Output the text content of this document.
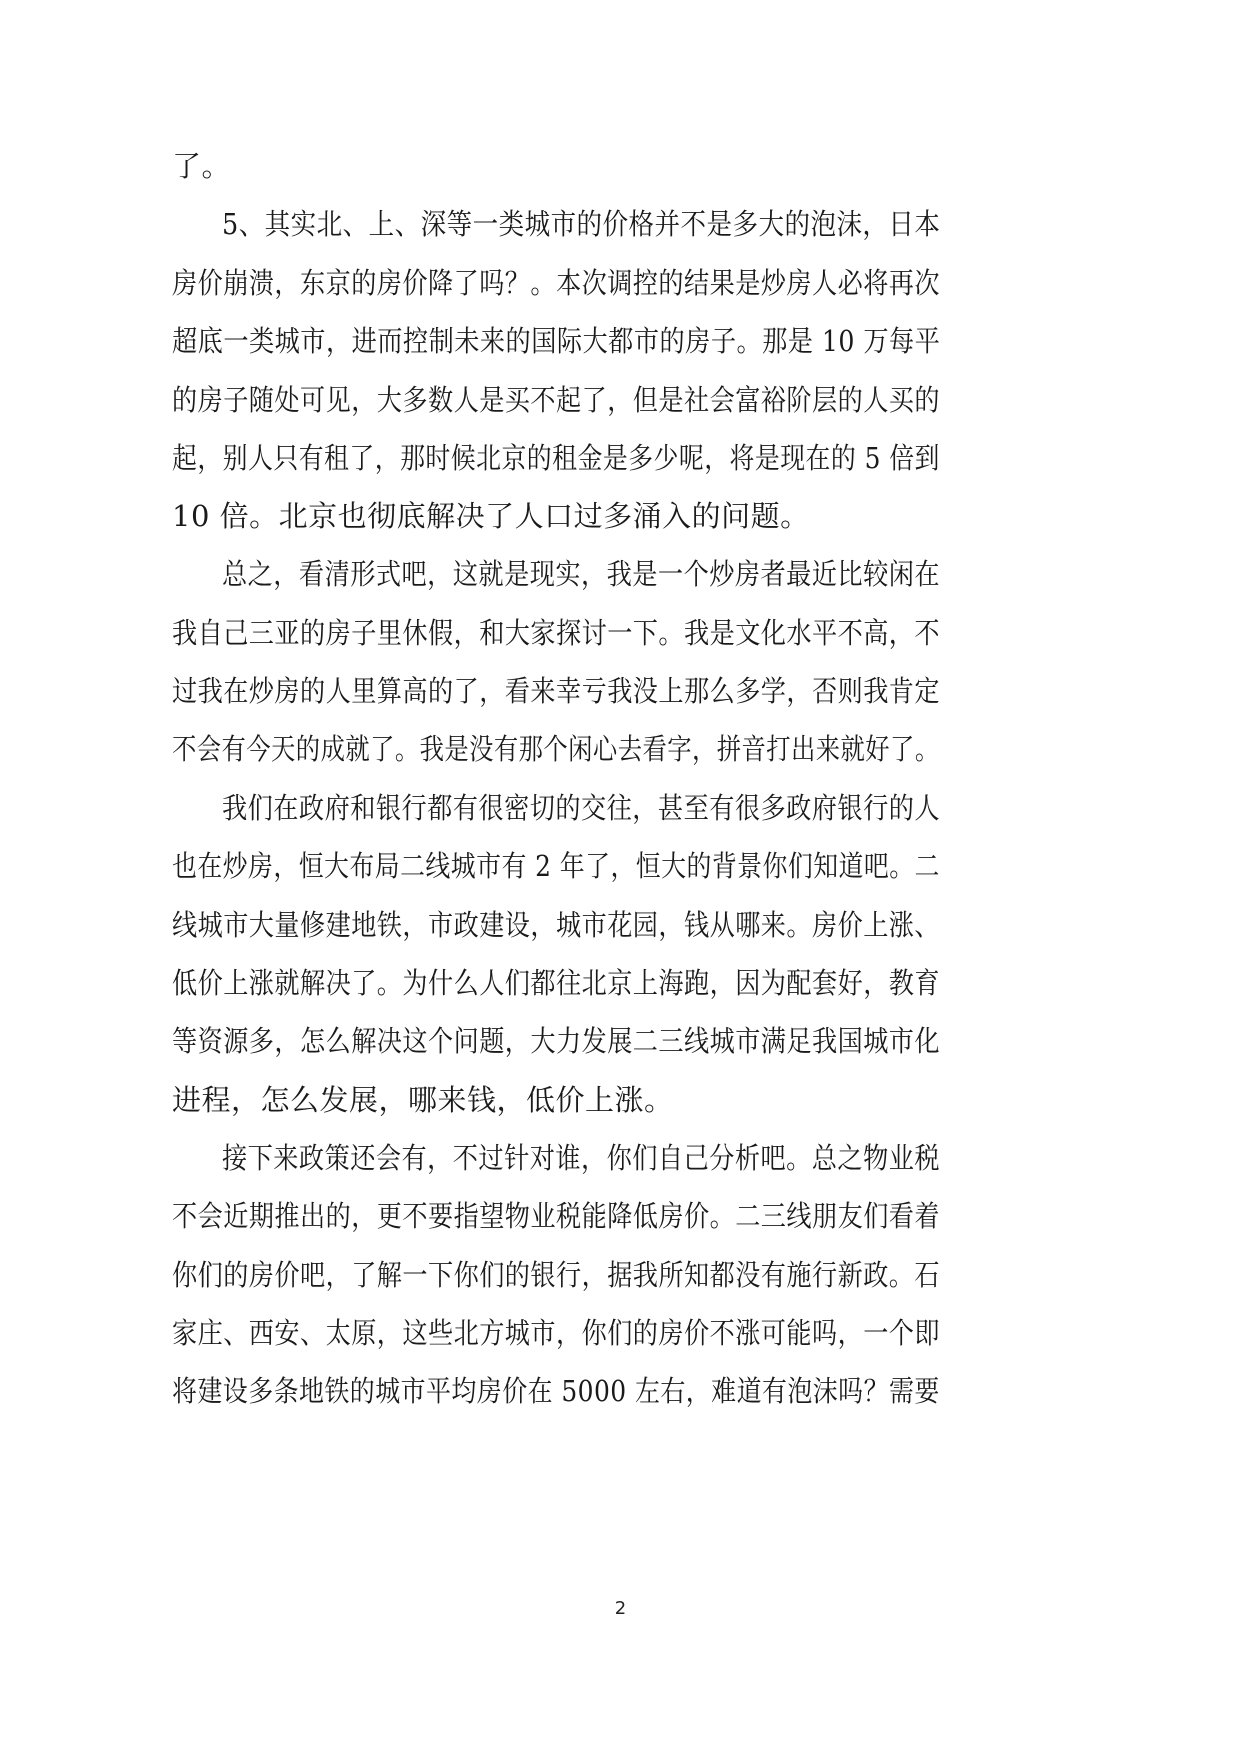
了。
5、其实北、上、深等一类城市的价格并不是多大的泡沫，日本
房价崩溃，东京的房价降了吗？。本次调控的结果是炒房人必将再次
超底一类城市，进而控制未来的国际大都市的房子。那是 10 万每平
的房子随处可见，大多数人是买不起了，但是社会富裕阶层的人买的
起，别人只有租了，那时候北京的租金是多少呢，将是现在的 5 倍到
10 倍。北京也彻底解决了人口过多涌入的问题。
总之，看清形式吧，这就是现实，我是一个炒房者最近比较闲在
我自己三亚的房子里休假，和大家探讨一下。我是文化水平不高，不
过我在炒房的人里算高的了，看来幸亏我没上那么多学，否则我肯定
不会有今天的成就了。我是没有那个闲心去看字，拼音打出来就好了。
我们在政府和银行都有很密切的交往，甚至有很多政府银行的人
也在炒房，恒大布局二线城市有 2 年了，恒大的背景你们知道吧。二
线城市大量修建地铁，市政建设，城市花园，钱从哪来。房价上涨、
低价上涨就解决了。为什么人们都往北京上海跑，因为配套好，教育
等资源多，怎么解决这个问题，大力发展二三线城市满足我国城市化
进程，怎么发展，哪来钱，低价上涨。
接下来政策还会有，不过针对谁，你们自己分析吧。总之物业税
不会近期推出的，更不要指望物业税能降低房价。二三线朋友们看着
你们的房价吧，了解一下你们的银行，据我所知都没有施行新政。石
家庄、西安、太原，这些北方城市，你们的房价不涨可能吗，一个即
将建设多条地铁的城市平均房价在 5000 左右，难道有泡沫吗？需要
2
